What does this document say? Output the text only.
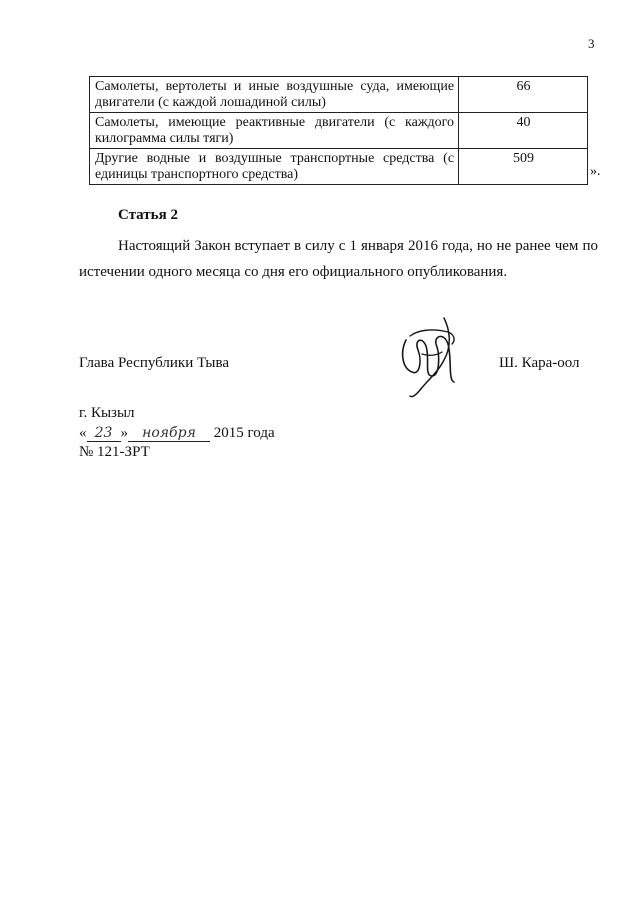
3
Самолеты, вертолеты и иные воздушные суда, имеющие двигатели (с каждой лошадиной силы)	66
Самолеты, имеющие реактивные двигатели (с каждого килограмма силы тяги)	40
Другие водные и воздушные транспортные средства (с единицы транспортного средства)	509
».
Статья 2

Настоящий Закон вступает в силу с 1 января 2016 года, но не ранее чем по истечении одного месяца со дня его официального опубликования.

Глава Республики Тыва	Ш. Кара-оол
г. Кызыл
« 23 » ноября 2015 года
№ 121-ЗРТ
